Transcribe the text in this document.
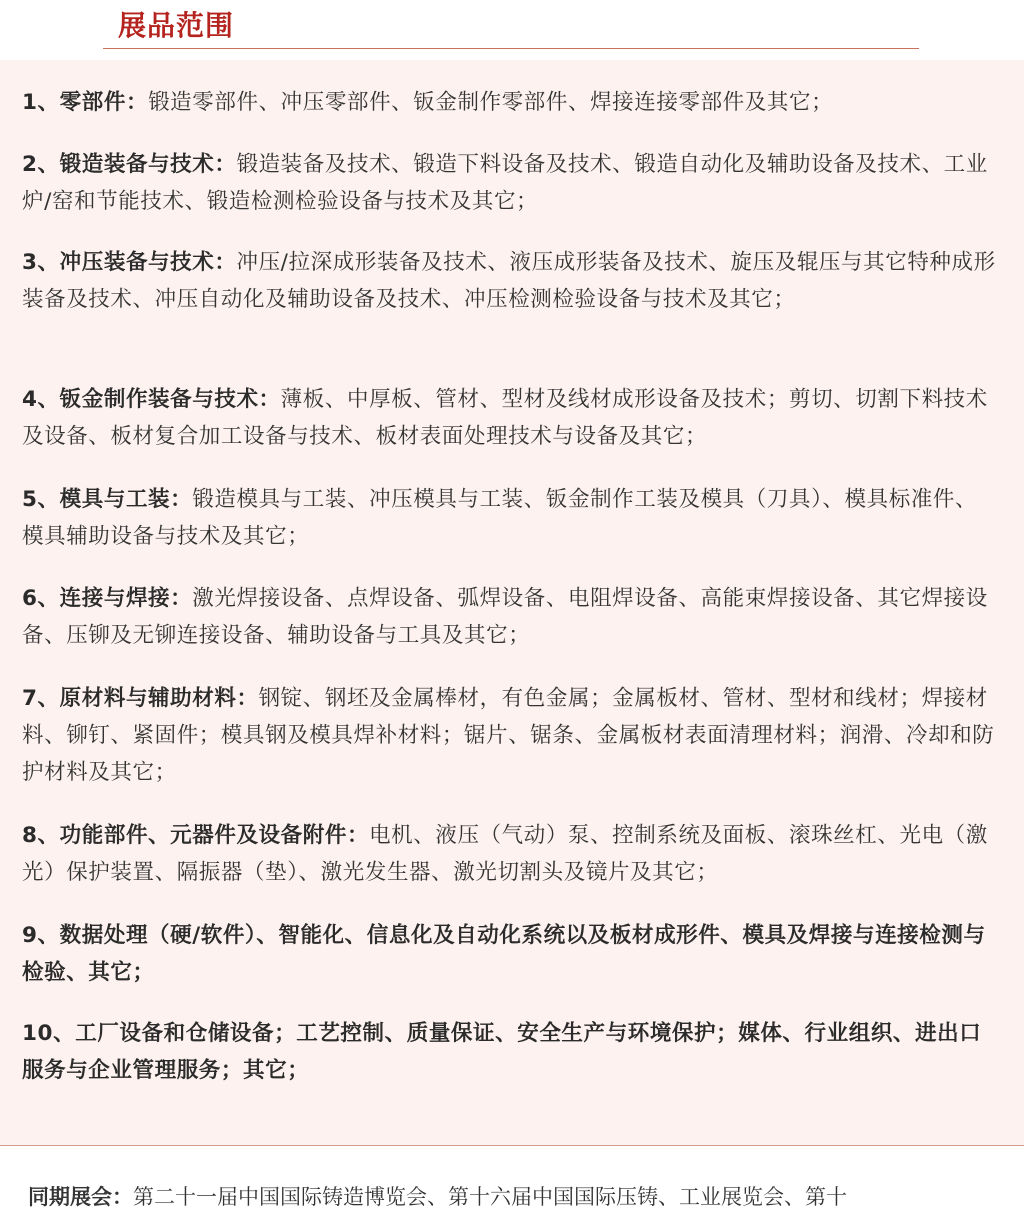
展品范围

1、零部件：锻造零部件、冲压零部件、钣金制作零部件、焊接连接零部件及其它；

2、锻造装备与技术：锻造装备及技术、锻造下料设备及技术、锻造自动化及辅助设备及技术、工业炉/窑和节能技术、锻造检测检验设备与技术及其它；

3、冲压装备与技术：冲压/拉深成形装备及技术、液压成形装备及技术、旋压及辊压与其它特种成形装备及技术、冲压自动化及辅助设备及技术、冲压检测检验设备与技术及其它；

4、钣金制作装备与技术：薄板、中厚板、管材、型材及线材成形设备及技术；剪切、切割下料技术及设备、板材复合加工设备与技术、板材表面处理技术与设备及其它；

5、模具与工装：锻造模具与工装、冲压模具与工装、钣金制作工装及模具（刀具）、模具标准件、模具辅助设备与技术及其它；

6、连接与焊接：激光焊接设备、点焊设备、弧焊设备、电阻焊设备、高能束焊接设备、其它焊接设备、压铆及无铆连接设备、辅助设备与工具及其它；

7、原材料与辅助材料：钢锭、钢坯及金属棒材，有色金属；金属板材、管材、型材和线材；焊接材料、铆钉、紧固件；模具钢及模具焊补材料；锯片、锯条、金属板材表面清理材料；润滑、冷却和防护材料及其它；

8、功能部件、元器件及设备附件：电机、液压（气动）泵、控制系统及面板、滚珠丝杠、光电（激光）保护装置、隔振器（垫）、激光发生器、激光切割头及镜片及其它；

9、数据处理（硬/软件）、智能化、信息化及自动化系统以及板材成形件、模具及焊接与连接检测与检验、其它；

10、工厂设备和仓储设备；工艺控制、质量保证、安全生产与环境保护；媒体、行业组织、进出口服务与企业管理服务；其它；

同期展会：第二十一届中国国际铸造博览会、第十六届中国国际压铸、工业展览会、第十
